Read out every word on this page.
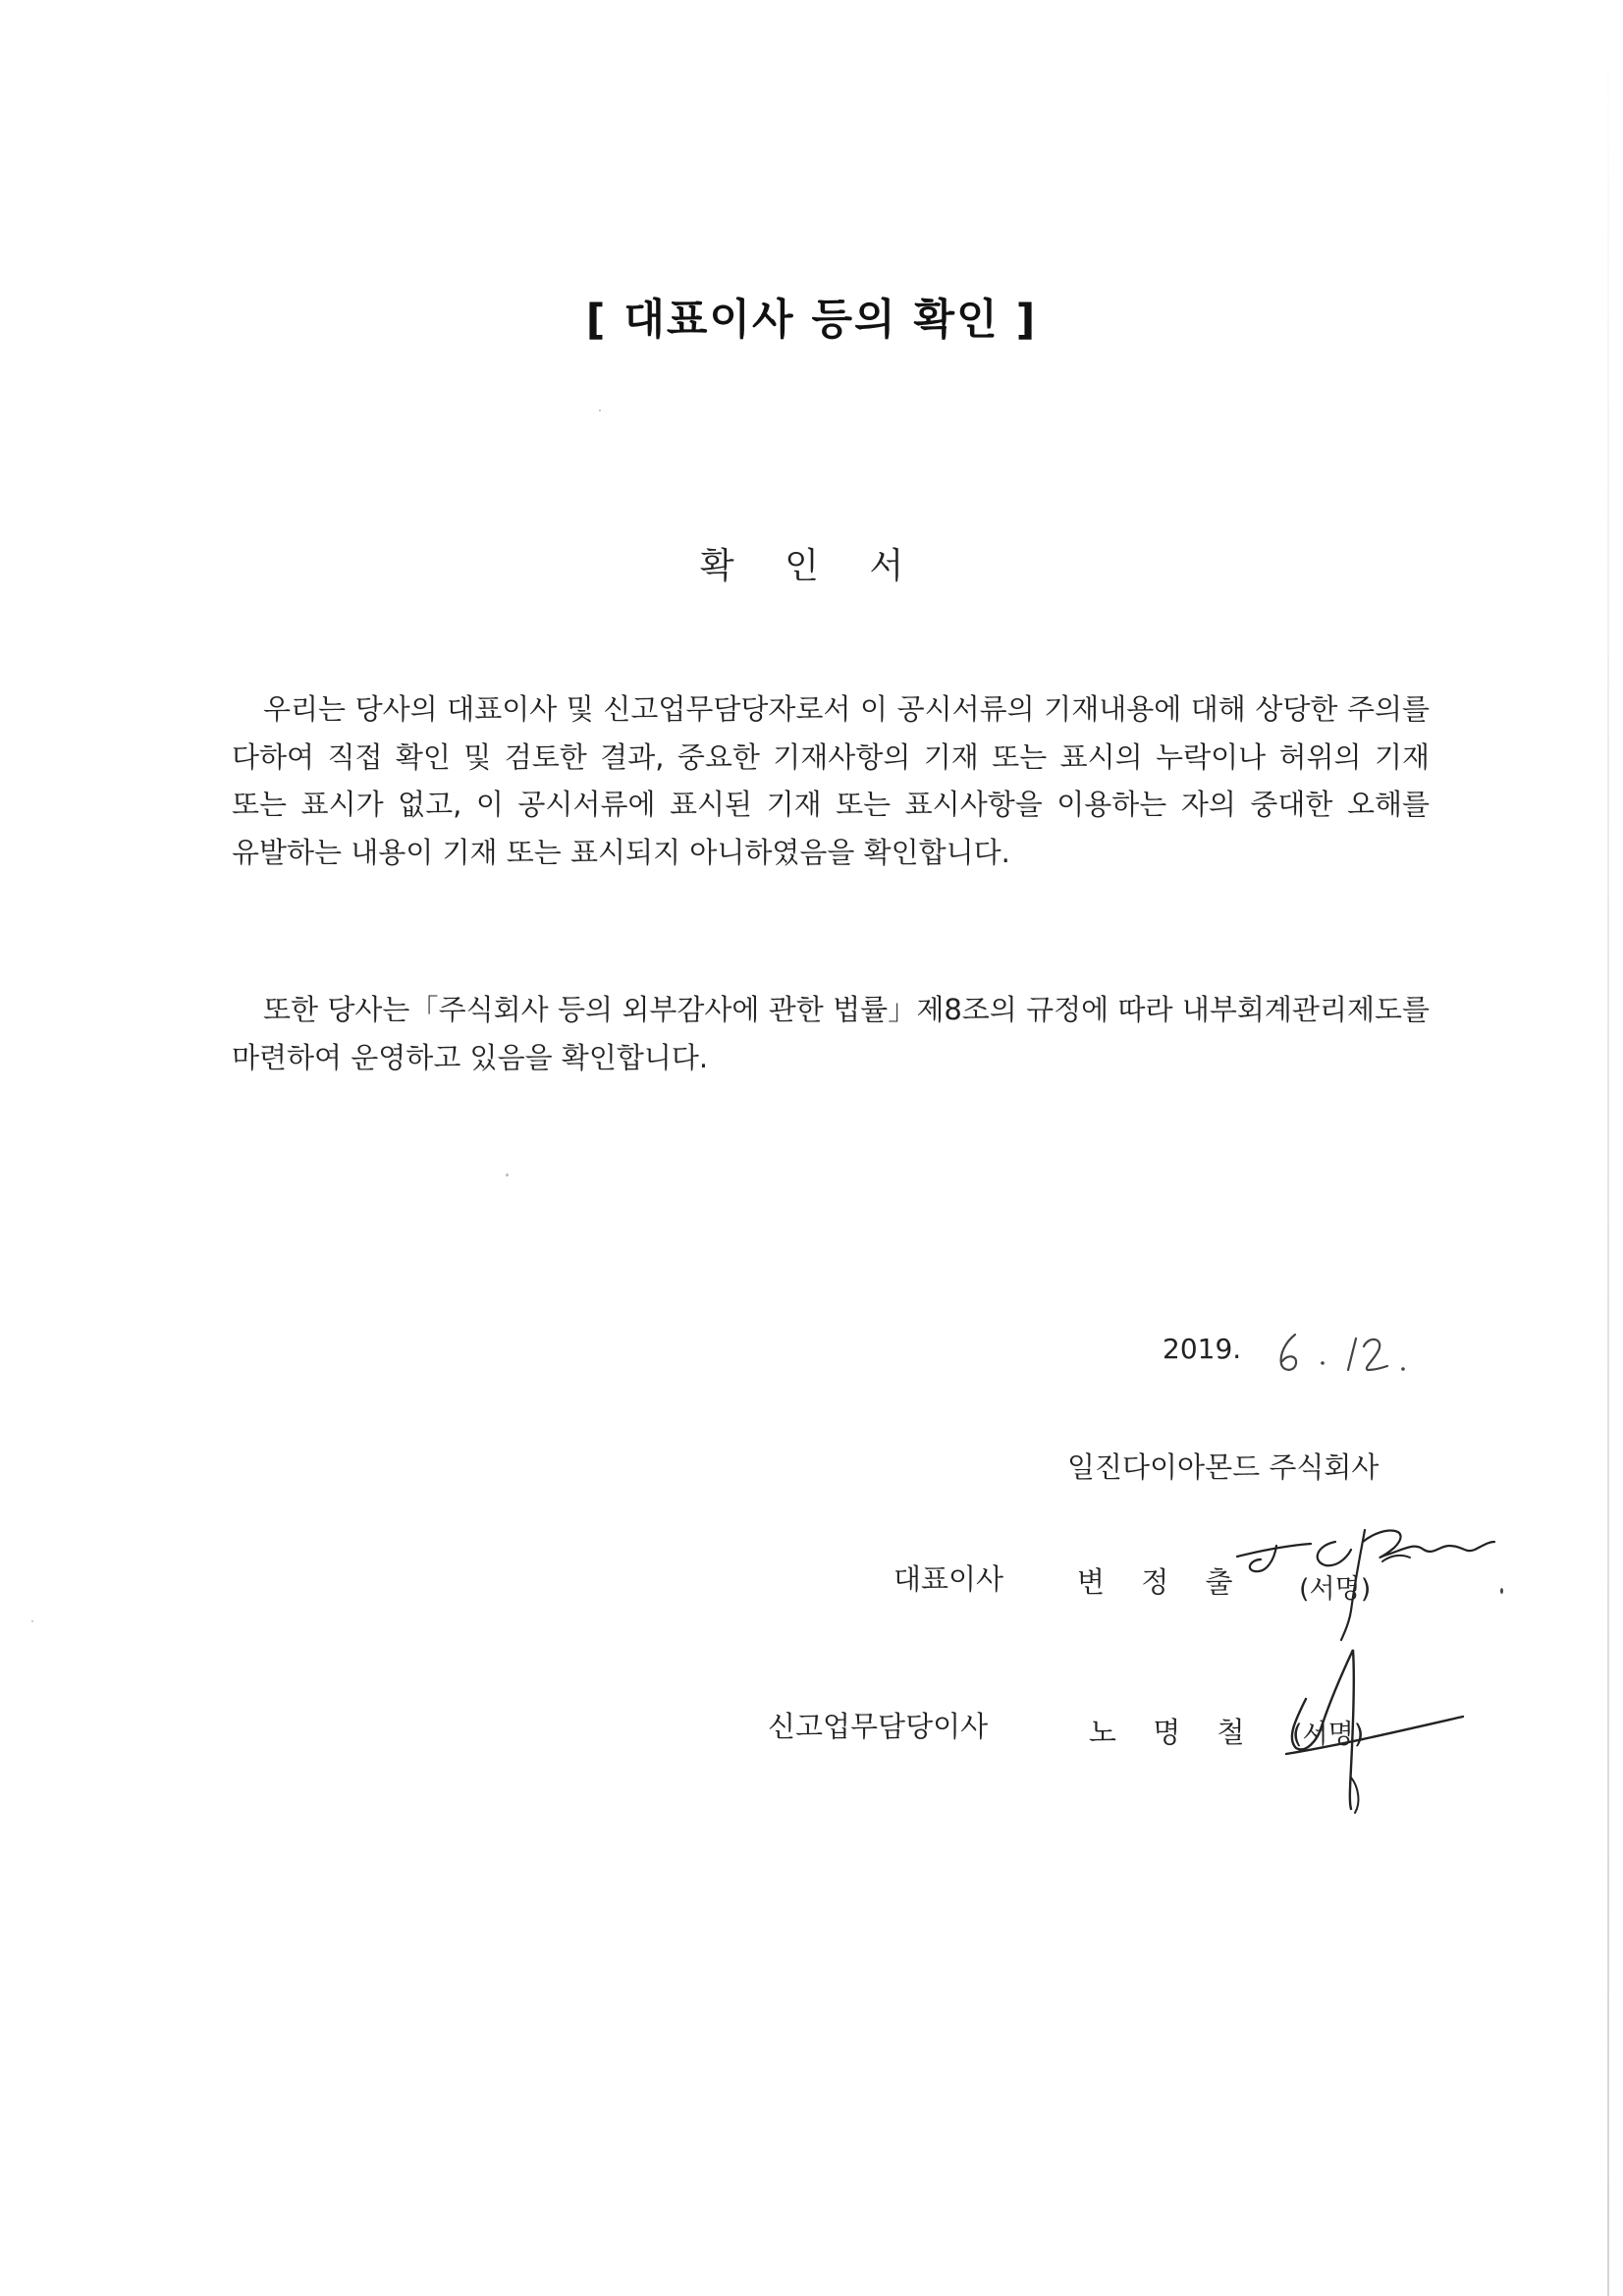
[ 대표이사 등의 확인 ]
확 인 서
우리는 당사의 대표이사 및 신고업무담당자로서 이 공시서류의 기재내용에 대해 상당한 주의를 다하여 직접 확인 및 검토한 결과, 중요한 기재사항의 기재 또는 표시의 누락이나 허위의 기재 또는 표시가 없고, 이 공시서류에 표시된 기재 또는 표시사항을 이용하는 자의 중대한 오해를 유발하는 내용이 기재 또는 표시되지 아니하였음을 확인합니다.
또한 당사는「주식회사 등의 외부감사에 관한 법률」제8조의 규정에 따라 내부회계관리제도를 마련하여 운영하고 있음을 확인합니다.
2019.
일진다이아몬드 주식회사
대표이사	변 정 출 (서명)
신고업무담당이사	노 명 철 (서명)
